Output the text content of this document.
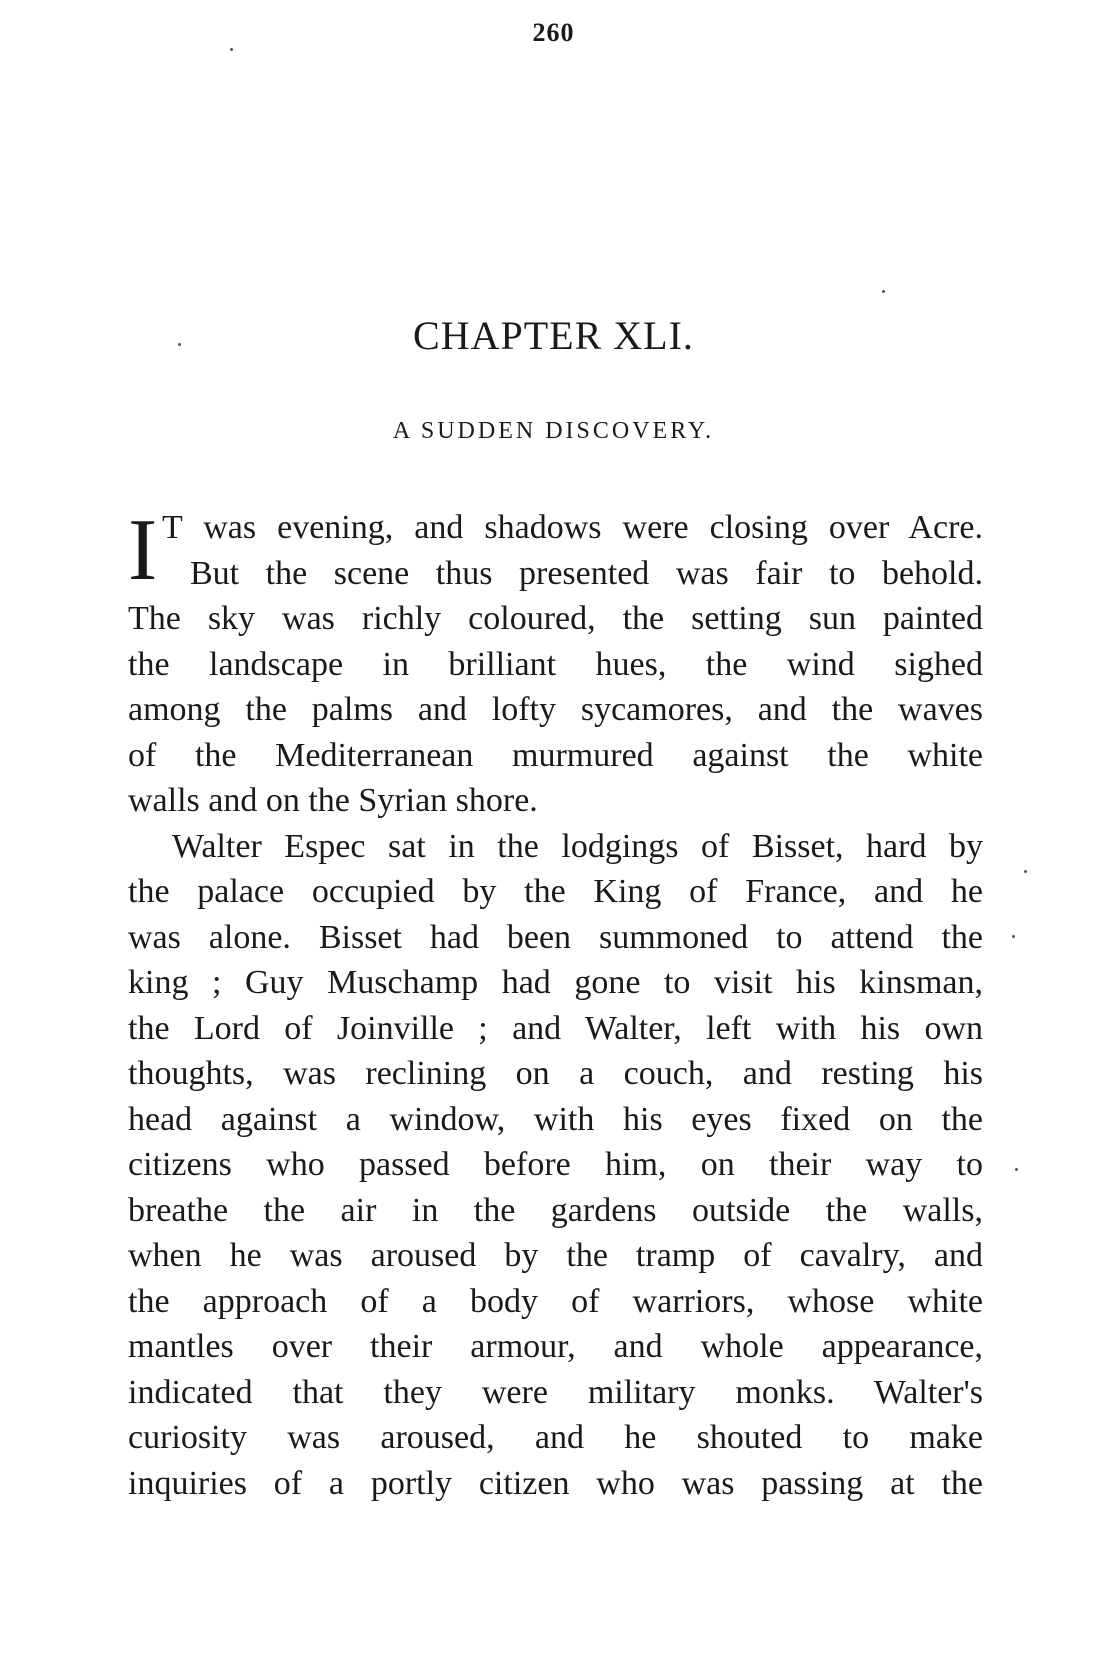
260
CHAPTER XLI.
A SUDDEN DISCOVERY.
I T was evening, and shadows were closing over Acre.
But the scene thus presented was fair to behold.
The sky was richly coloured, the setting sun painted
the landscape in brilliant hues, the wind sighed
among the palms and lofty sycamores, and the waves
of the Mediterranean murmured against the white
walls and on the Syrian shore.
Walter Espec sat in the lodgings of Bisset, hard by
the palace occupied by the King of France, and he
was alone. Bisset had been summoned to attend the
king ; Guy Muschamp had gone to visit his kinsman,
the Lord of Joinville ; and Walter, left with his own
thoughts, was reclining on a couch, and resting his
head against a window, with his eyes fixed on the
citizens who passed before him, on their way to
breathe the air in the gardens outside the walls,
when he was aroused by the tramp of cavalry, and
the approach of a body of warriors, whose white
mantles over their armour, and whole appearance,
indicated that they were military monks. Walter's
curiosity was aroused, and he shouted to make
inquiries of a portly citizen who was passing at the
